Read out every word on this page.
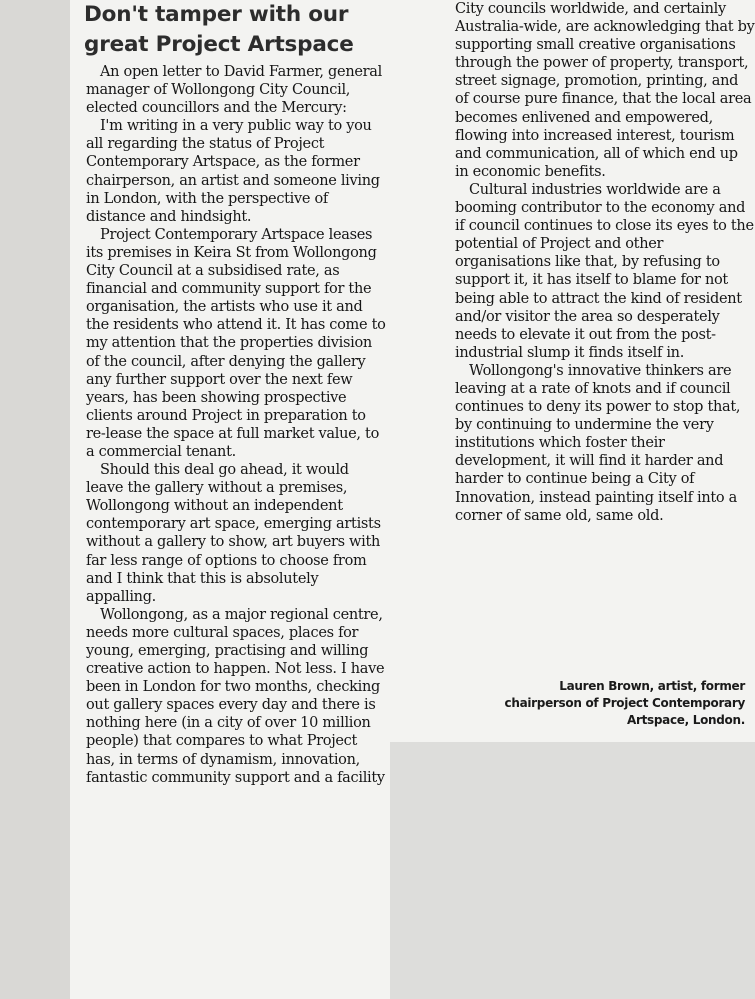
Don't tamper with our
great Project Artspace

An open letter to David Farmer, general manager of Wollongong City Council, elected councillors and the Mercury:

I'm writing in a very public way to you all regarding the status of Project Contemporary Artspace, as the former chairperson, an artist and someone living in London, with the perspective of distance and hindsight.

Project Contemporary Artspace leases its premises in Keira St from Wollongong City Council at a subsidised rate, as financial and community support for the organisation, the artists who use it and the residents who attend it. It has come to my attention that the properties division of the council, after denying the gallery any further support over the next few years, has been showing prospective clients around Project in preparation to re-lease the space at full market value, to a commercial tenant.

Should this deal go ahead, it would leave the gallery without a premises, Wollongong without an independent contemporary art space, emerging artists without a gallery to show, art buyers with far less range of options to choose from and I think that this is absolutely appalling.

Wollongong, as a major regional centre, needs more cultural spaces, places for young, emerging, practising and willing creative action to happen. Not less. I have been in London for two months, checking out gallery spaces every day and there is nothing here (in a city of over 10 million people) that compares to what Project has, in terms of dynamism, innovation, fantastic community support and a facility

City councils worldwide, and certainly Australia-wide, are acknowledging that by supporting small creative organisations through the power of property, transport, street signage, promotion, printing, and of course pure finance, that the local area becomes enlivened and empowered, flowing into increased interest, tourism and communication, all of which end up in economic benefits.

Cultural industries worldwide are a booming contributor to the economy and if council continues to close its eyes to the potential of Project and other organisations like that, by refusing to support it, it has itself to blame for not being able to attract the kind of resident and/or visitor the area so desperately needs to elevate it out from the post-industrial slump it finds itself in.

Wollongong's innovative thinkers are leaving at a rate of knots and if council continues to deny its power to stop that, by continuing to undermine the very institutions which foster their development, it will find it harder and harder to continue being a City of Innovation, instead painting itself into a corner of same old, same old.

Lauren Brown, artist, former
chairperson of Project Contemporary
Artspace, London.
